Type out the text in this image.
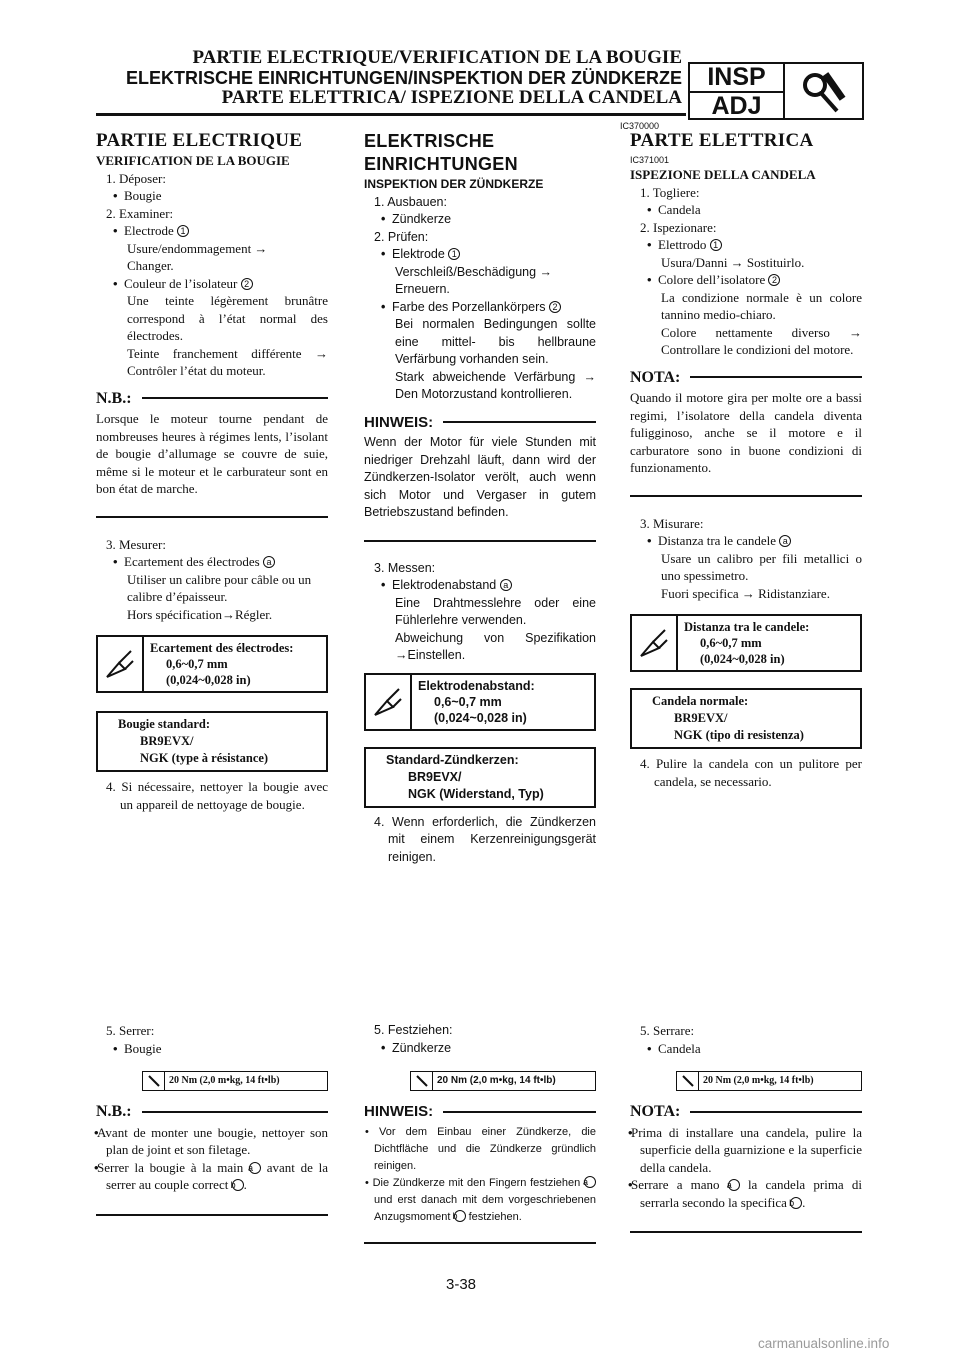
PARTIE ELECTRIQUE/VERIFICATION DE LA BOUGIE
ELEKTRISCHE EINRICHTUNGEN/INSPEKTION DER ZÜNDKERZE
PARTE ELETTRICA/ ISPEZIONE DELLA CANDELA
INSP
ADJ
IC370000
PARTIE ELECTRIQUE
VERIFICATION DE LA BOUGIE
1. Déposer:
• Bougie
2. Examiner:
• Electrode 1
Usure/endommagement →
Changer.
• Couleur de l’isolateur 2
Une teinte légèrement brunâtre correspond à l’état normal des électrodes.
Teinte franchement différente → Contrôler l’état du moteur.
N.B.:
Lorsque le moteur tourne pendant de nombreuses heures à régimes lents, l’isolant de bougie d’allumage se couvre de suie, même si le moteur et le carburateur sont en bon état de marche.
3. Mesurer:
• Ecartement des électrodes a
Utiliser un calibre pour câble ou un calibre d’épaisseur.
Hors spécification→Régler.
Ecartement des électrodes:
0,6~0,7 mm
(0,024~0,028 in)
Bougie standard:
BR9EVX/
NGK (type à résistance)
4. Si nécessaire, nettoyer la bougie avec un appareil de nettoyage de bougie.
ELEKTRISCHE
EINRICHTUNGEN
INSPEKTION DER ZÜNDKERZE
1. Ausbauen:
• Zündkerze
2. Prüfen:
• Elektrode 1
Verschleiß/Beschädigung →
Erneuern.
• Farbe des Porzellankörpers 2
Bei normalen Bedingungen sollte eine mittel- bis hellbraune Verfärbung vorhanden sein.
Stark abweichende Verfärbung → Den Motorzustand kontrollieren.
HINWEIS:
Wenn der Motor für viele Stunden mit niedriger Drehzahl läuft, dann wird der Zündkerzen-Isolator verölt, auch wenn sich Motor und Vergaser in gutem Betriebszustand befinden.
3. Messen:
• Elektrodenabstand a
Eine Drahtmesslehre oder eine Fühlerlehre verwenden.
Abweichung von Spezifikation →Einstellen.
Elektrodenabstand:
0,6~0,7 mm
(0,024~0,028 in)
Standard-Zündkerzen:
BR9EVX/
NGK (Widerstand, Typ)
4. Wenn erforderlich, die Zündkerzen mit einem Kerzenreinigungsgerät reinigen.
PARTE ELETTRICA
IC371001
ISPEZIONE DELLA CANDELA
1. Togliere:
• Candela
2. Ispezionare:
• Elettrodo 1
Usura/Danni → Sostituirlo.
• Colore dell’isolatore 2
La condizione normale è un colore tannino medio-chiaro.
Colore nettamente diverso → Controllare le condizioni del motore.
NOTA:
Quando il motore gira per molte ore a bassi regimi, l’isolatore della candela diventa fuligginoso, anche se il motore e il carburatore sono in buone condizioni di funzionamento.
3. Misurare:
• Distanza tra le candele a
Usare un calibro per fili metallici o uno spessimetro.
Fuori specifica → Ridistanziare.
Distanza tra le candele:
0,6~0,7 mm
(0,024~0,028 in)
Candela normale:
BR9EVX/
NGK (tipo di resistenza)
4. Pulire la candela con un pulitore per candela, se necessario.
5. Serrer:
• Bougie
20 Nm (2,0 m•kg, 14 ft•lb)
N.B.:
• Avant de monter une bougie, nettoyer son plan de joint et son filetage.
• Serrer la bougie à la main a avant de la serrer au couple correct b .
5. Festziehen:
• Zündkerze
20 Nm (2,0 m•kg, 14 ft•lb)
HINWEIS:
• Vor dem Einbau einer Zündkerze, die Dichtfläche und die Zündkerze gründlich reinigen.
• Die Zündkerze mit den Fingern festziehen a und erst danach mit dem vorgeschriebenen Anzugsmoment b festziehen.
5. Serrare:
• Candela
20 Nm (2,0 m•kg, 14 ft•lb)
NOTA:
• Prima di installare una candela, pulire la superficie della guarnizione e la superficie della candela.
• Serrare a mano a la candela prima di serrarla secondo la specifica b .
3-38
carmanualsonline.info
